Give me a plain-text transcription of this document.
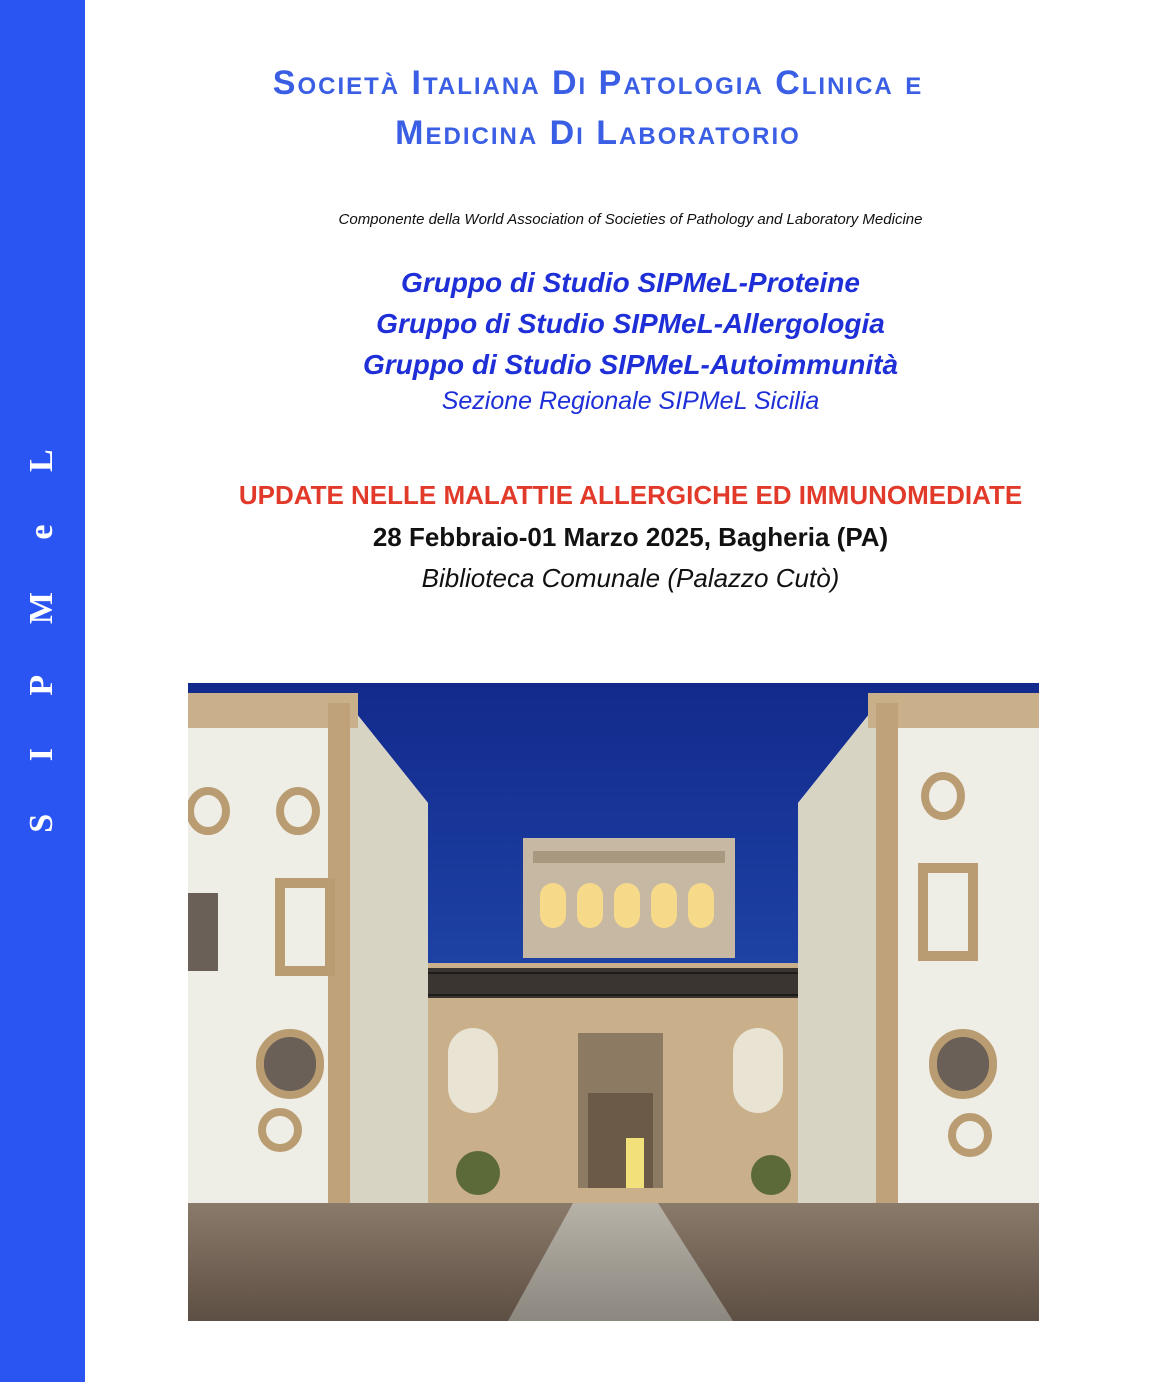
S I P M e L
Società Italiana Di Patologia Clinica e
Medicina Di Laboratorio
Componente della World Association of Societies of Pathology and Laboratory Medicine
Gruppo di Studio SIPMeL-Proteine
Gruppo di Studio SIPMeL-Allergologia
Gruppo di Studio SIPMeL-Autoimmunità
Sezione Regionale SIPMeL Sicilia
UPDATE NELLE MALATTIE ALLERGICHE ED IMMUNOMEDIATE
28 Febbraio-01 Marzo 2025, Bagheria (PA)
Biblioteca Comunale (Palazzo Cutò)
